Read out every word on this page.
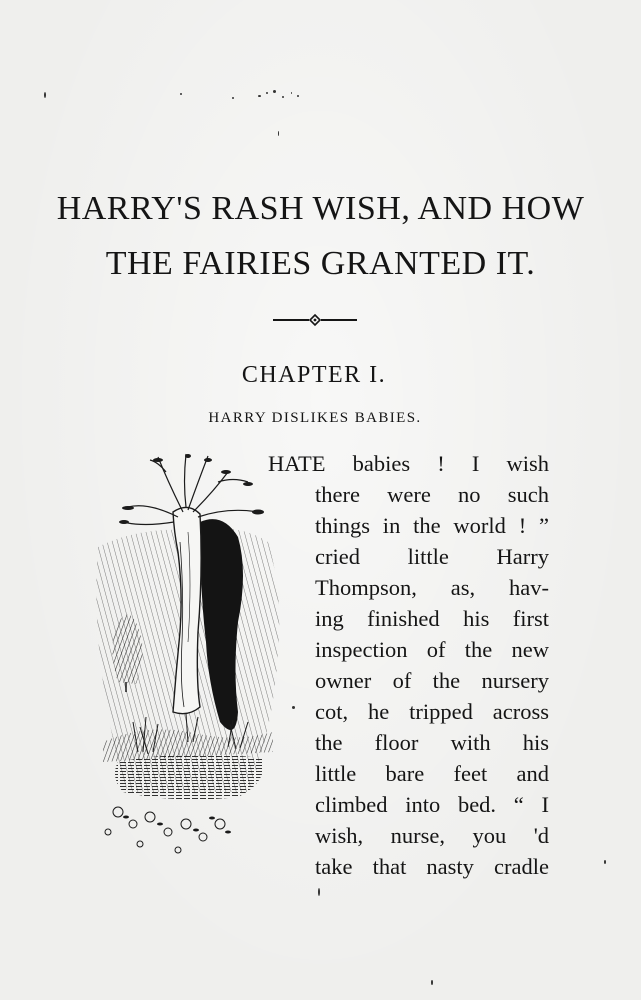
HARRY'S RASH WISH, AND HOW
THE FAIRIES GRANTED IT.
CHAPTER I.
HARRY DISLIKES BABIES.
HATE babies ! I wish
there were no such
things in the world ! ”
cried little Harry
Thompson, as, hav-
ing finished his first
inspection of the new
owner of the nursery
cot, he tripped across
the floor with his
little bare feet and
climbed into bed. “ I
wish, nurse, you 'd
take that nasty cradle
